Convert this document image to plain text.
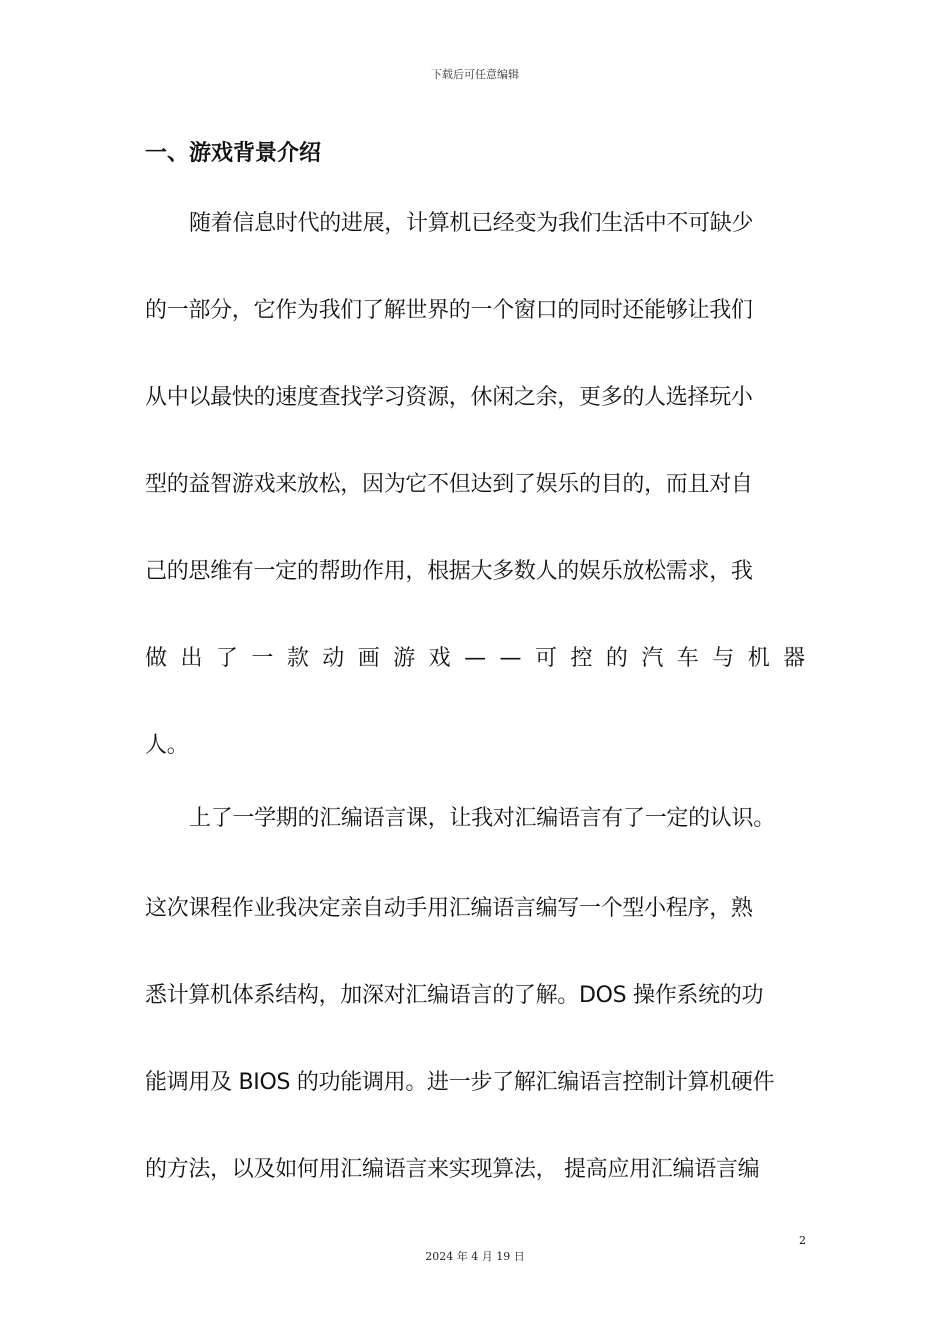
下载后可任意编辑
一、游戏背景介绍
随着信息时代的进展，计算机已经变为我们生活中不可缺少
的一部分，它作为我们了解世界的一个窗口的同时还能够让我们
从中以最快的速度查找学习资源，休闲之余，更多的人选择玩小
型的益智游戏来放松，因为它不但达到了娱乐的目的，而且对自
己的思维有一定的帮助作用，根据大多数人的娱乐放松需求，我
做 出 了 一 款 动 画 游 戏 — — 可 控 的 汽 车 与 机 器
人。
上了一学期的汇编语言课，让我对汇编语言有了一定的认识。
这次课程作业我决定亲自动手用汇编语言编写一个型小程序，熟
悉计算机体系结构，加深对汇编语言的了解。DOS 操作系统的功
能调用及 BIOS 的功能调用。进一步了解汇编语言控制计算机硬件
的方法，以及如何用汇编语言来实现算法， 提高应用汇编语言编
2
2024 年 4 月 19 日
